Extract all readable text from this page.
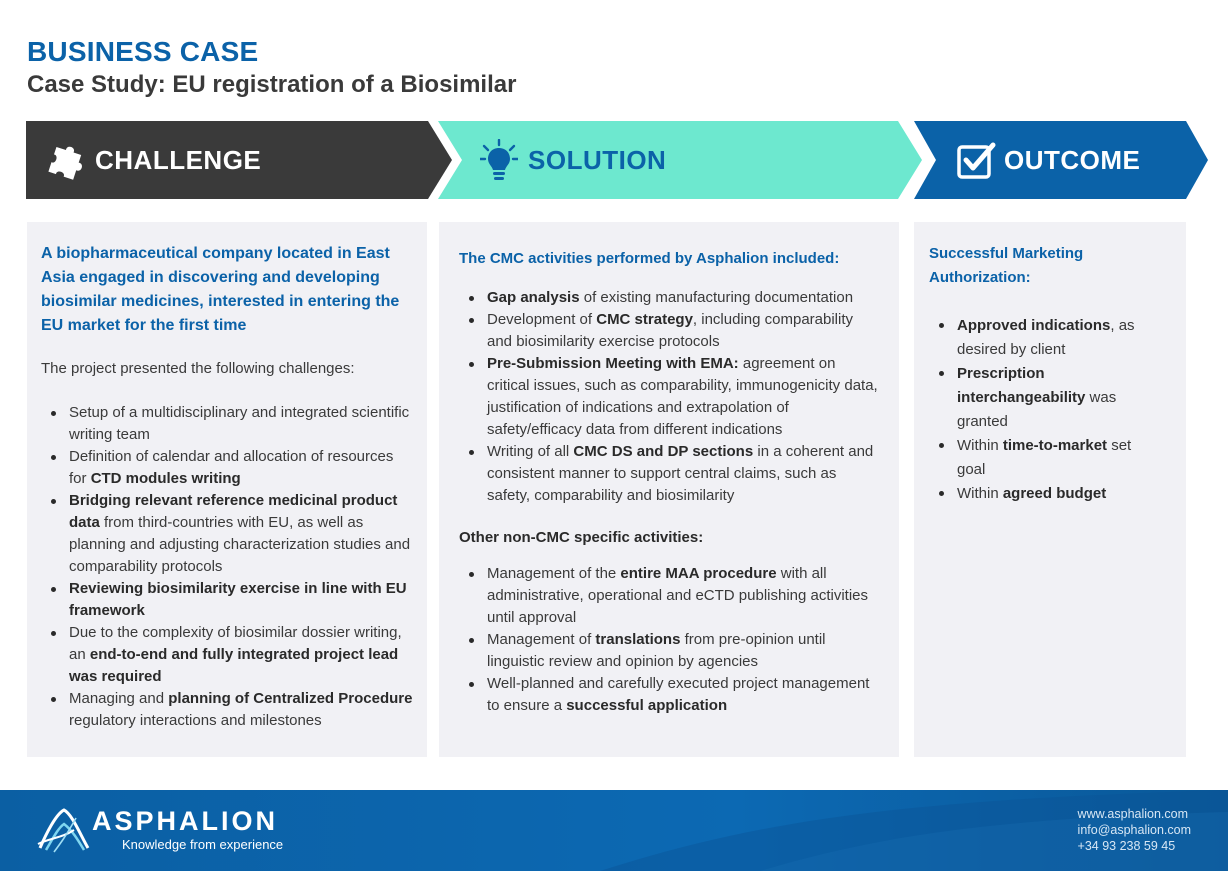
BUSINESS CASE
Case Study: EU registration of a Biosimilar
CHALLENGE	SOLUTION	OUTCOME

A biopharmaceutical company located in East Asia engaged in discovering and developing biosimilar medicines, interested in entering the EU market for the first time

The project presented the following challenges:

Setup of a multidisciplinary and integrated scientific writing team
Definition of calendar and allocation of resources for CTD modules writing
Bridging relevant reference medicinal product data from third-countries with EU, as well as planning and adjusting characterization studies and comparability protocols
Reviewing biosimilarity exercise in line with EU framework
Due to the complexity of biosimilar dossier writing, an end-to-end and fully integrated project lead was required
Managing and planning of Centralized Procedure regulatory interactions and milestones

The CMC activities performed by Asphalion included:

Gap analysis of existing manufacturing documentation
Development of CMC strategy, including comparability and biosimilarity exercise protocols
Pre-Submission Meeting with EMA: agreement on critical issues, such as comparability, immunogenicity data, justification of indications and extrapolation of safety/efficacy data from different indications
Writing of all CMC DS and DP sections in a coherent and consistent manner to support central claims, such as safety, comparability and biosimilarity

Other non-CMC specific activities:

Management of the entire MAA procedure with all administrative, operational and eCTD publishing activities until approval
Management of translations from pre-opinion until linguistic review and opinion by agencies
Well-planned and carefully executed project management to ensure a successful application

Successful Marketing Authorization:

Approved indications, as desired by client
Prescription interchangeability was granted
Within time-to-market set goal
Within agreed budget
ASPHALION
Knowledge from experience
www.asphalion.com
info@asphalion.com
+34 93 238 59 45
